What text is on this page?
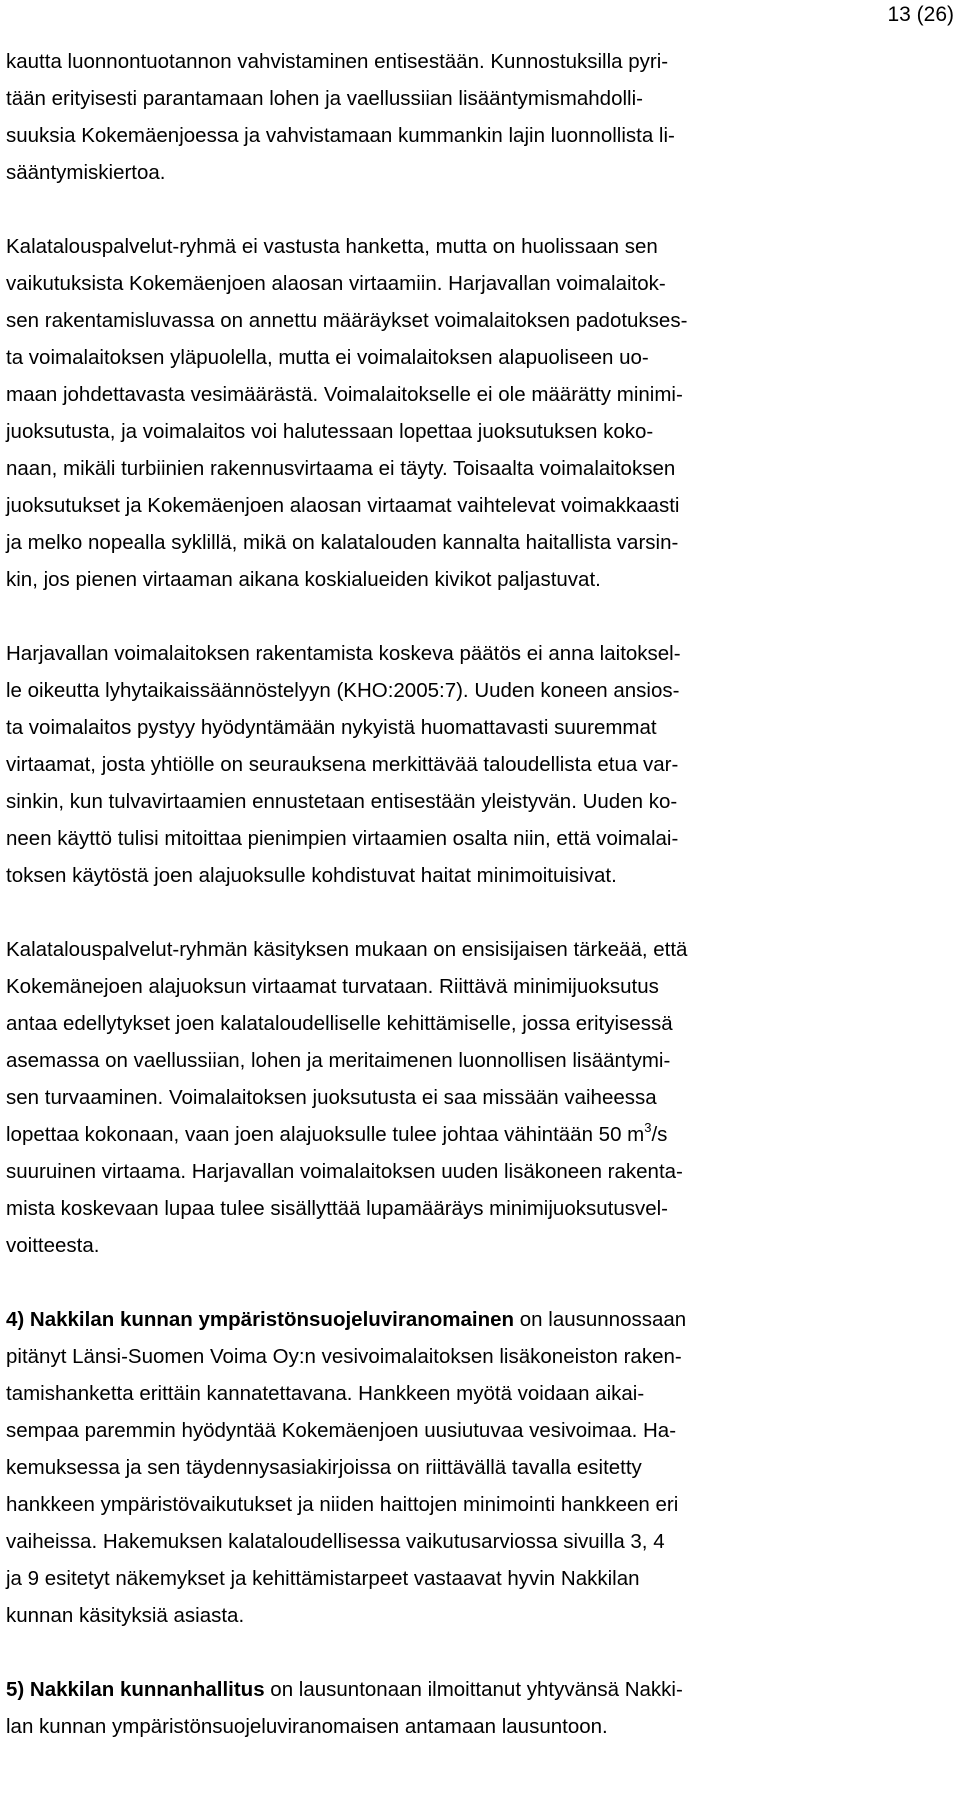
13 (26)

kautta luonnontuotannon vahvistaminen entisestään. Kunnostuksilla pyri-
tään erityisesti parantamaan lohen ja vaellussiian lisääntymismahdolli-
suuksia Kokemäenjoessa ja vahvistamaan kummankin lajin luonnollista li-
sääntymiskiertoa.

Kalatalouspalvelut-ryhmä ei vastusta hanketta, mutta on huolissaan sen
vaikutuksista Kokemäenjoen alaosan virtaamiin. Harjavallan voimalaitok-
sen rakentamisluvassa on annettu määräykset voimalaitoksen padotukses-
ta voimalaitoksen yläpuolella, mutta ei voimalaitoksen alapuoliseen uo-
maan johdettavasta vesimäärästä. Voimalaitokselle ei ole määrätty minimi-
juoksutusta, ja voimalaitos voi halutessaan lopettaa juoksutuksen koko-
naan, mikäli turbiinien rakennusvirtaama ei täyty. Toisaalta voimalaitoksen
juoksutukset ja Kokemäenjoen alaosan virtaamat vaihtelevat voimakkaasti
ja melko nopealla syklillä, mikä on kalatalouden kannalta haitallista varsin-
kin, jos pienen virtaaman aikana koskialueiden kivikot paljastuvat.

Harjavallan voimalaitoksen rakentamista koskeva päätös ei anna laitoksel-
le oikeutta lyhytaikaissäännöstelyyn (KHO:2005:7). Uuden koneen ansios-
ta voimalaitos pystyy hyödyntämään nykyistä huomattavasti suuremmat
virtaamat, josta yhtiölle on seurauksena merkittävää taloudellista etua var-
sinkin, kun tulvavirtaamien ennustetaan entisestään yleistyvän. Uuden ko-
neen käyttö tulisi mitoittaa pienimpien virtaamien osalta niin, että voimalai-
toksen käytöstä joen alajuoksulle kohdistuvat haitat minimoituisivat.

Kalatalouspalvelut-ryhmän käsityksen mukaan on ensisijaisen tärkeää, että
Kokemänejoen alajuoksun virtaamat turvataan. Riittävä minimijuoksutus
antaa edellytykset joen kalataloudelliselle kehittämiselle, jossa erityisessä
asemassa on vaellussiian, lohen ja meritaimenen luonnollisen lisääntymi-
sen turvaaminen. Voimalaitoksen juoksutusta ei saa missään vaiheessa
lopettaa kokonaan, vaan joen alajuoksulle tulee johtaa vähintään 50 $m^3/s$
suuruinen virtaama. Harjavallan voimalaitoksen uuden lisäkoneen rakenta-
mista koskevaan lupaa tulee sisällyttää lupamääräys minimijuoksutusvel-
voitteesta.

4) Nakkilan kunnan ympäristönsuojeluviranomainen on lausunnossaan
pitänyt Länsi-Suomen Voima Oy:n vesivoimalaitoksen lisäkoneiston raken-
tamishanketta erittäin kannatettavana. Hankkeen myötä voidaan aikai-
sempaa paremmin hyödyntää Kokemäenjoen uusiutuvaa vesivoimaa. Ha-
kemuksessa ja sen täydennysasiakirjoissa on riittävällä tavalla esitetty
hankkeen ympäristövaikutukset ja niiden haittojen minimointi hankkeen eri
vaiheissa. Hakemuksen kalataloudellisessa vaikutusarviossa sivuilla 3, 4
ja 9 esitetyt näkemykset ja kehittämistarpeet vastaavat hyvin Nakkilan
kunnan käsityksiä asiasta.

5) Nakkilan kunnanhallitus on lausuntonaan ilmoittanut yhtyvänsä Nakki-
lan kunnan ympäristönsuojeluviranomaisen antamaan lausuntoon.
